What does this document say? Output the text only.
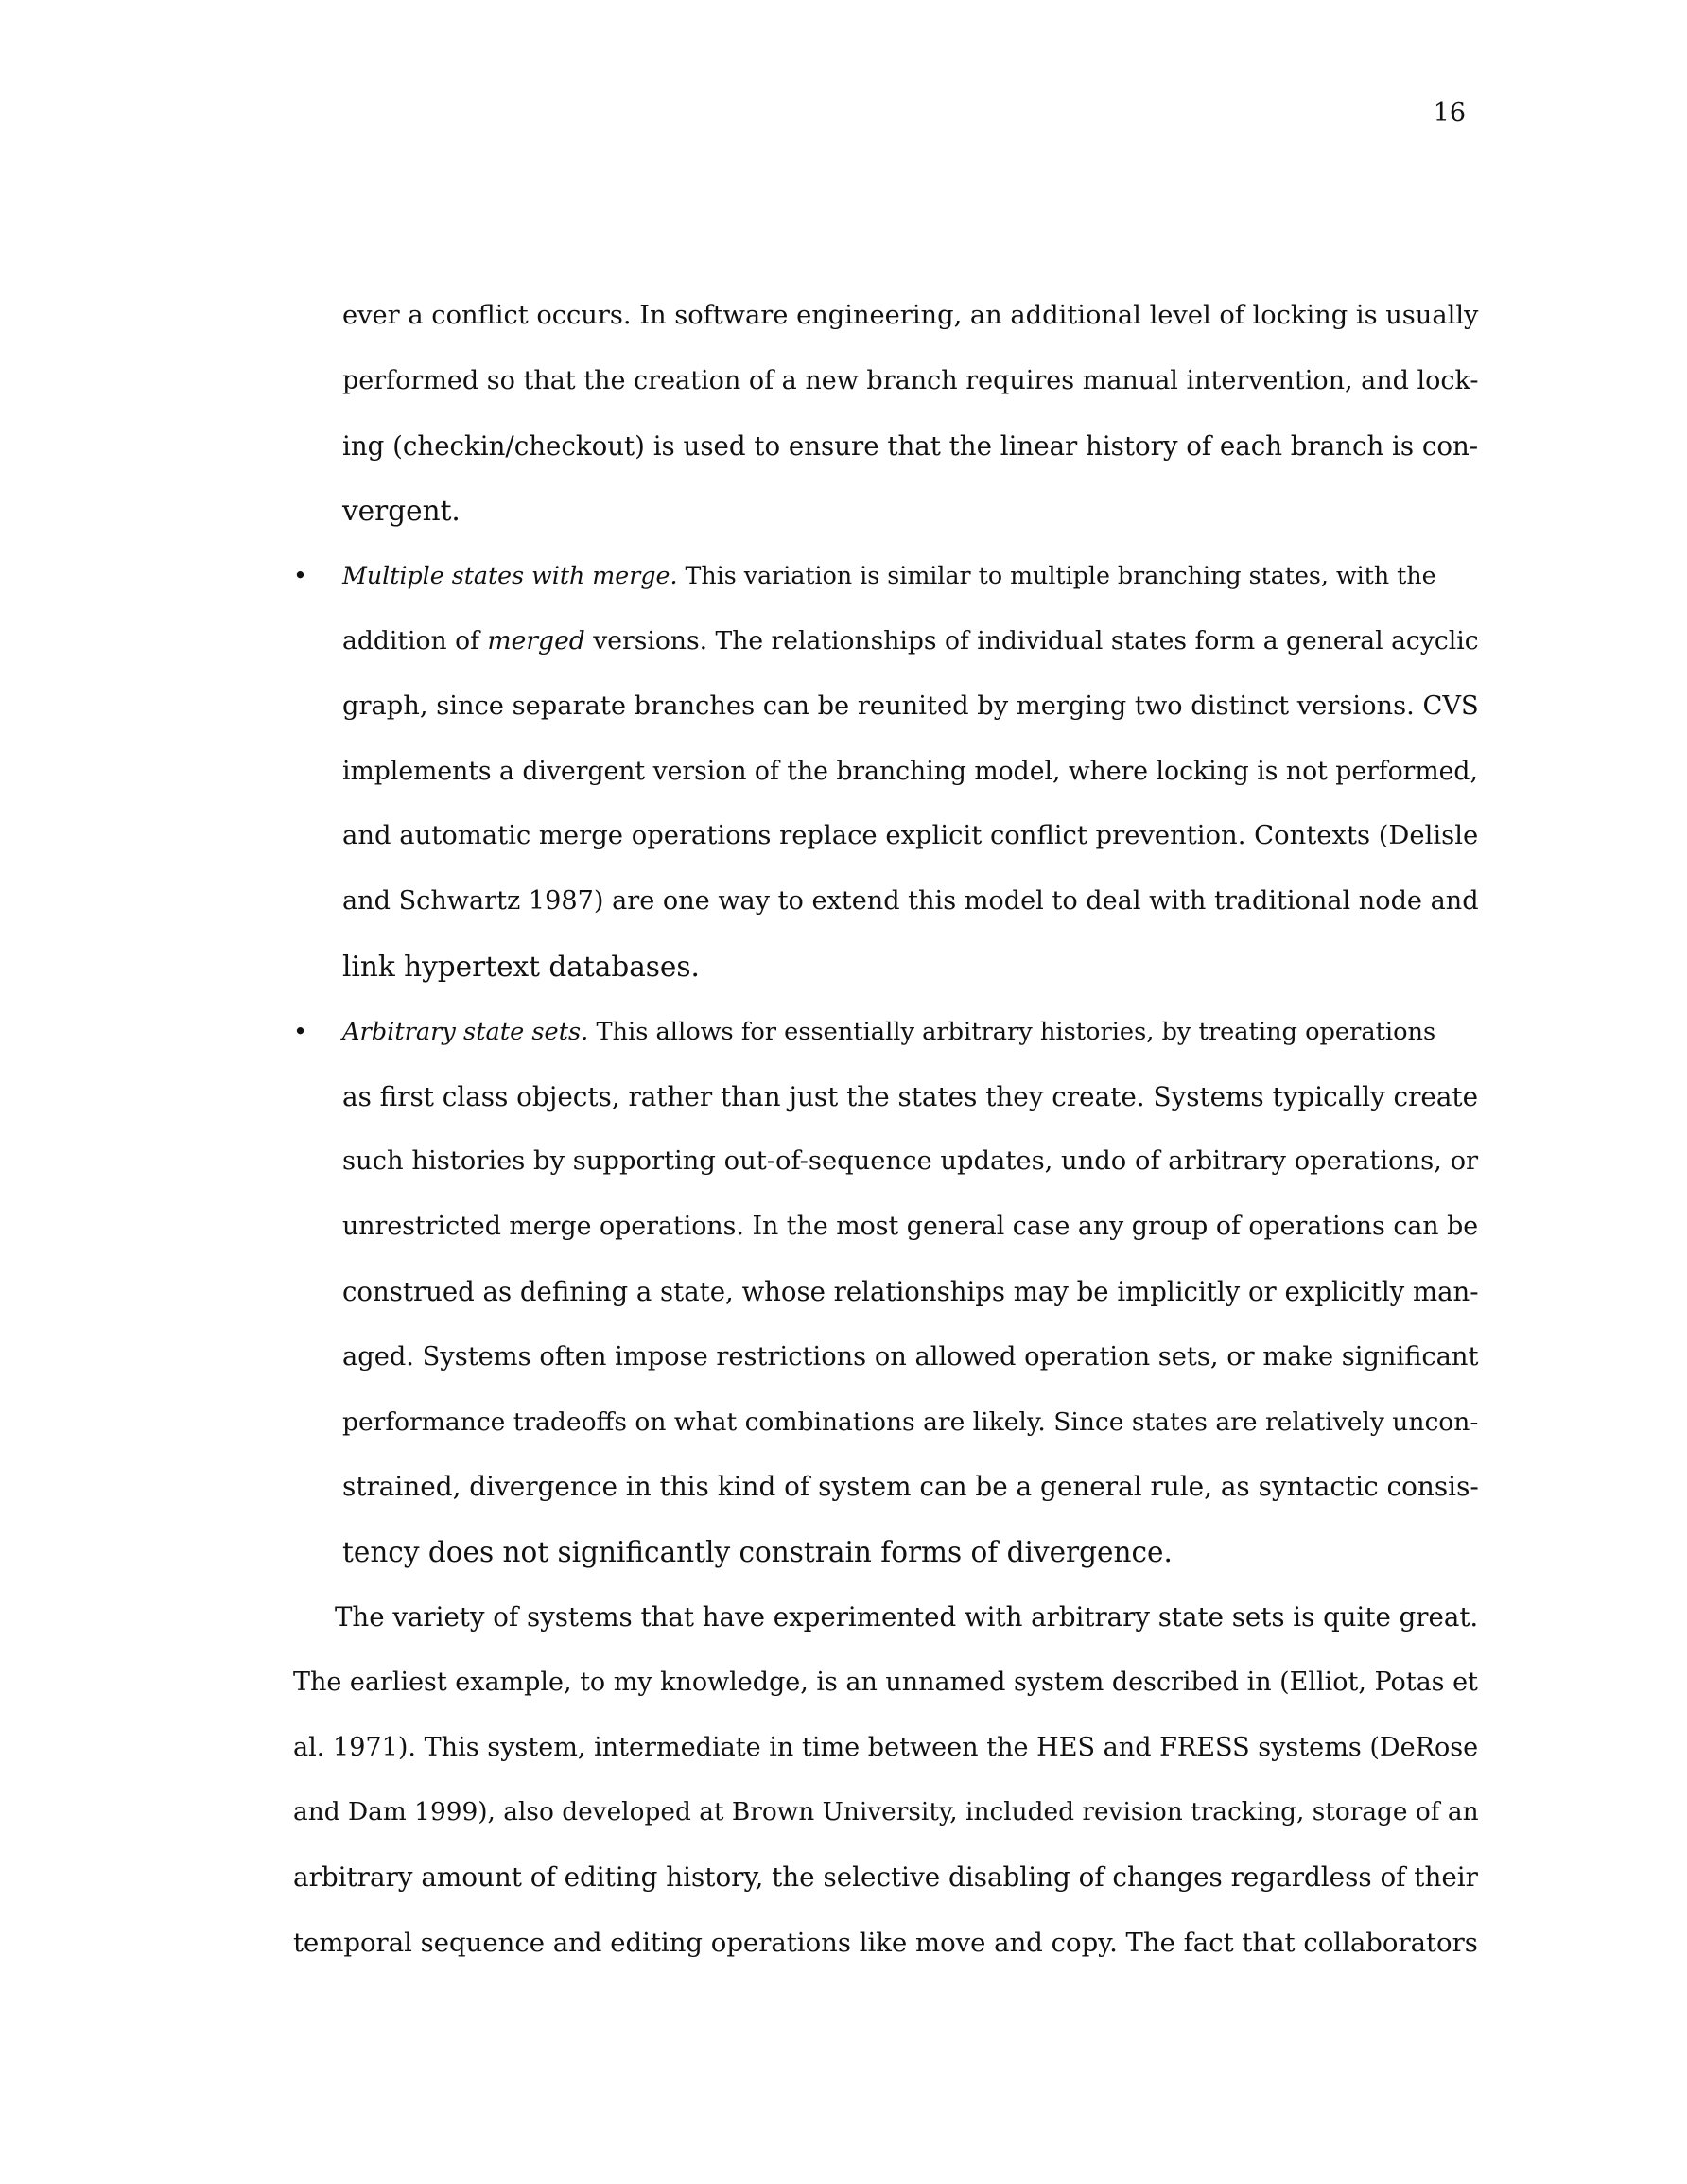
16
ever a conflict occurs. In software engineering, an additional level of locking is usually
performed so that the creation of a new branch requires manual intervention, and lock-
ing (checkin/checkout) is used to ensure that the linear history of each branch is con-
vergent.
•	Multiple states with merge. This variation is similar to multiple branching states, with the
addition of merged versions. The relationships of individual states form a general acyclic
graph, since separate branches can be reunited by merging two distinct versions. CVS
implements a divergent version of the branching model, where locking is not performed,
and automatic merge operations replace explicit conflict prevention. Contexts (Delisle
and Schwartz 1987) are one way to extend this model to deal with traditional node and
link hypertext databases.
•	Arbitrary state sets. This allows for essentially arbitrary histories, by treating operations
as first class objects, rather than just the states they create. Systems typically create
such histories by supporting out-of-sequence updates, undo of arbitrary operations, or
unrestricted merge operations. In the most general case any group of operations can be
construed as defining a state, whose relationships may be implicitly or explicitly man-
aged. Systems often impose restrictions on allowed operation sets, or make significant
performance tradeoffs on what combinations are likely. Since states are relatively uncon-
strained, divergence in this kind of system can be a general rule, as syntactic consis-
tency does not significantly constrain forms of divergence.
The variety of systems that have experimented with arbitrary state sets is quite great.
The earliest example, to my knowledge, is an unnamed system described in (Elliot, Potas et
al. 1971). This system, intermediate in time between the HES and FRESS systems (DeRose
and Dam 1999), also developed at Brown University, included revision tracking, storage of an
arbitrary amount of editing history, the selective disabling of changes regardless of their
temporal sequence and editing operations like move and copy. The fact that collaborators
